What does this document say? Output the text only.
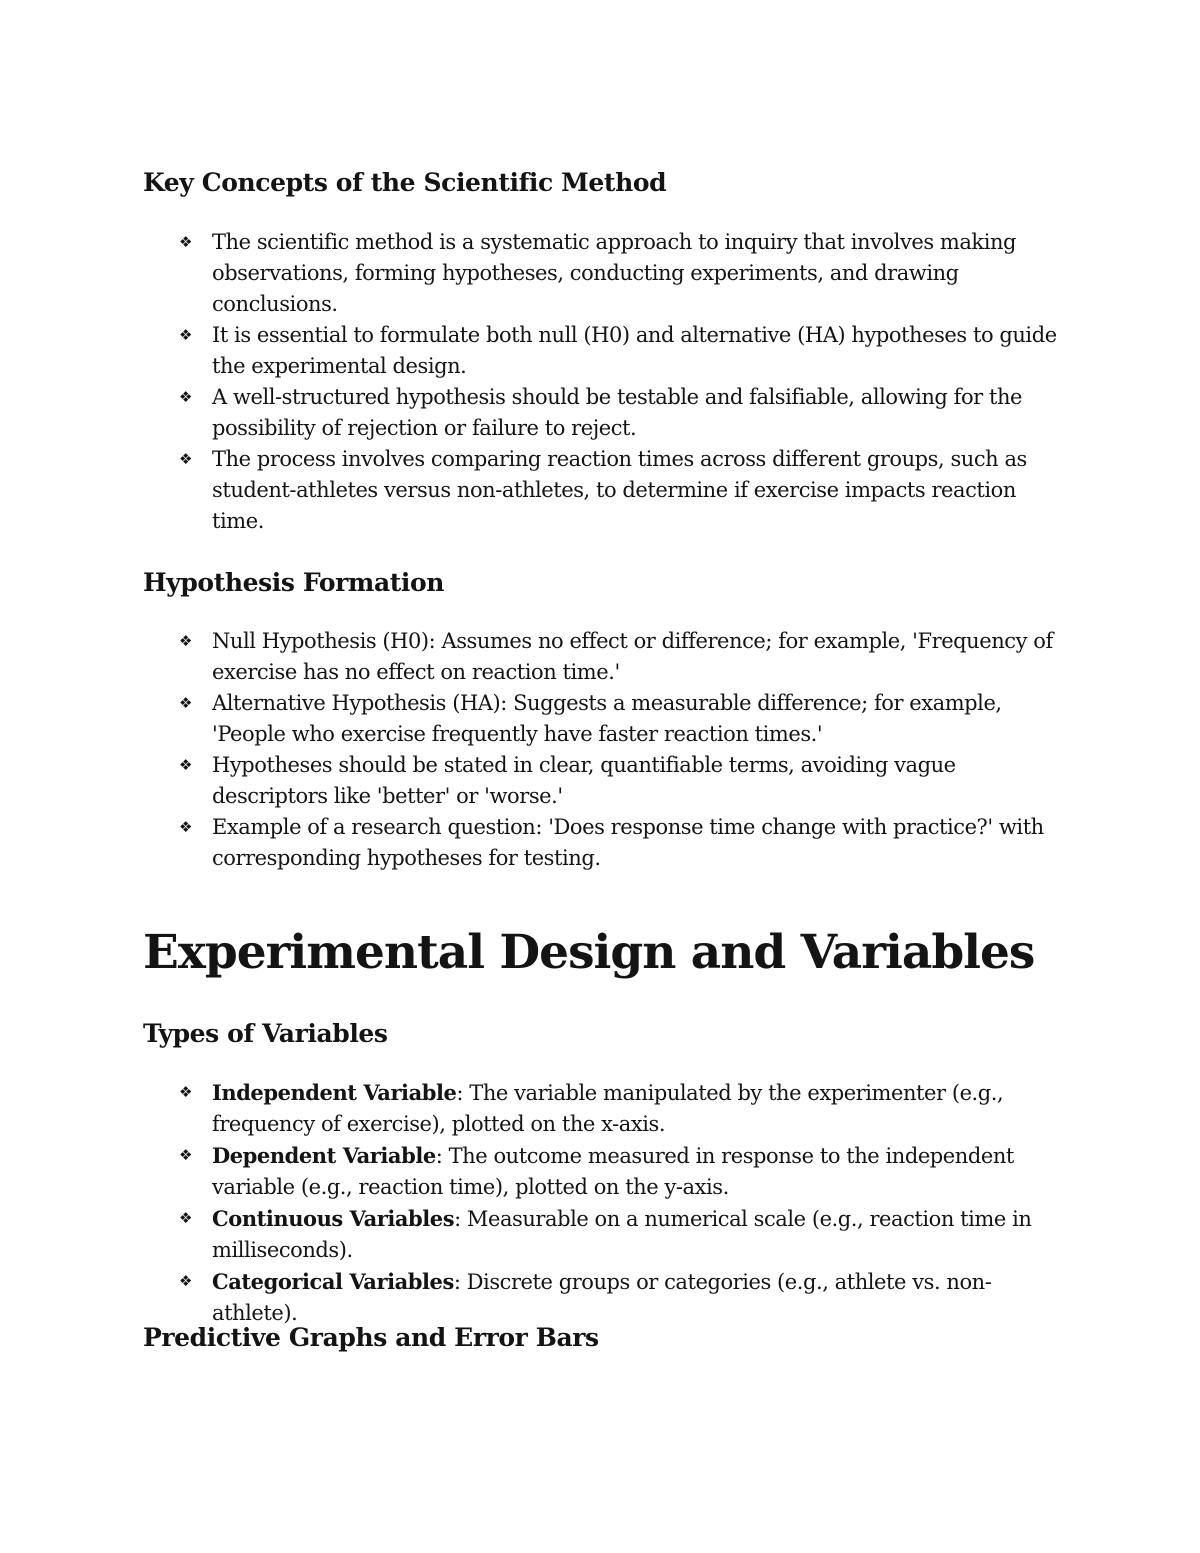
Key Concepts of the Scientific Method
❖ The scientific method is a systematic approach to inquiry that involves making observations, forming hypotheses, conducting experiments, and drawing conclusions.
❖ It is essential to formulate both null (H0) and alternative (HA) hypotheses to guide the experimental design.
❖ A well-structured hypothesis should be testable and falsifiable, allowing for the possibility of rejection or failure to reject.
❖ The process involves comparing reaction times across different groups, such as student-athletes versus non-athletes, to determine if exercise impacts reaction time.
Hypothesis Formation
❖ Null Hypothesis (H0): Assumes no effect or difference; for example, 'Frequency of exercise has no effect on reaction time.'
❖ Alternative Hypothesis (HA): Suggests a measurable difference; for example, 'People who exercise frequently have faster reaction times.'
❖ Hypotheses should be stated in clear, quantifiable terms, avoiding vague descriptors like 'better' or 'worse.'
❖ Example of a research question: 'Does response time change with practice?' with corresponding hypotheses for testing.
Experimental Design and Variables
Types of Variables
❖ Independent Variable: The variable manipulated by the experimenter (e.g., frequency of exercise), plotted on the x-axis.
❖ Dependent Variable: The outcome measured in response to the independent variable (e.g., reaction time), plotted on the y-axis.
❖ Continuous Variables: Measurable on a numerical scale (e.g., reaction time in milliseconds).
❖ Categorical Variables: Discrete groups or categories (e.g., athlete vs. non-athlete).
Predictive Graphs and Error Bars
